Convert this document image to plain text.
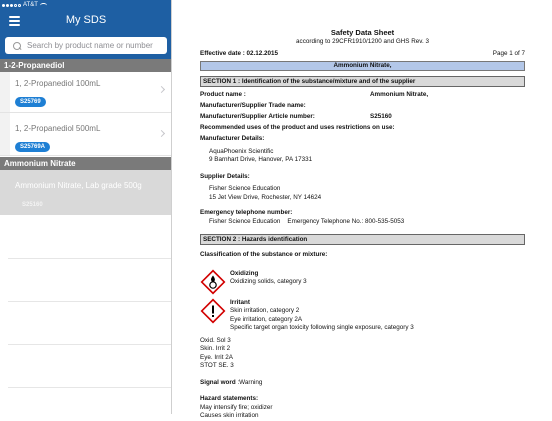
AT&T
My SDS
Search by product name or number
1-2-Propanediol
1, 2-Propanediol 100mL
S25769
1, 2-Propanediol 500mL
S25769A
Ammonium Nitrate
Ammonium Nitrate, Lab grade 500g
S25160
Safety Data Sheet
according to 29CFR1910/1200 and GHS Rev. 3
Effective date : 02.12.2015	Page 1 of 7
Ammonium Nitrate,
SECTION 1 : Identification of the substance/mixture and of the supplier
Product name :	Ammonium Nitrate,
Manufacturer/Supplier Trade name:
Manufacturer/Supplier Article number:	S25160
Recommended uses of the product and uses restrictions on use:
Manufacturer Details:
AquaPhoenix Scientific
9 Barnhart Drive, Hanover, PA 17331
Supplier Details:
Fisher Science Education
15 Jet View Drive, Rochester, NY 14624
Emergency telephone number:
Fisher Science Education    Emergency Telephone No.: 800-535-5053
SECTION 2 : Hazards identification
Classification of the substance or mixture:
Oxidizing
Oxidizing solids, category 3
Irritant
Skin irritation, category 2
Eye irritation, category 2A
Specific target organ toxicity following single exposure, category 3
Oxid. Sol 3
Skin. Irrit 2
Eye. Irrit 2A
STOT SE. 3
Signal word :Warning
Hazard statements:
May intensify fire; oxidizer
Causes skin irritation
